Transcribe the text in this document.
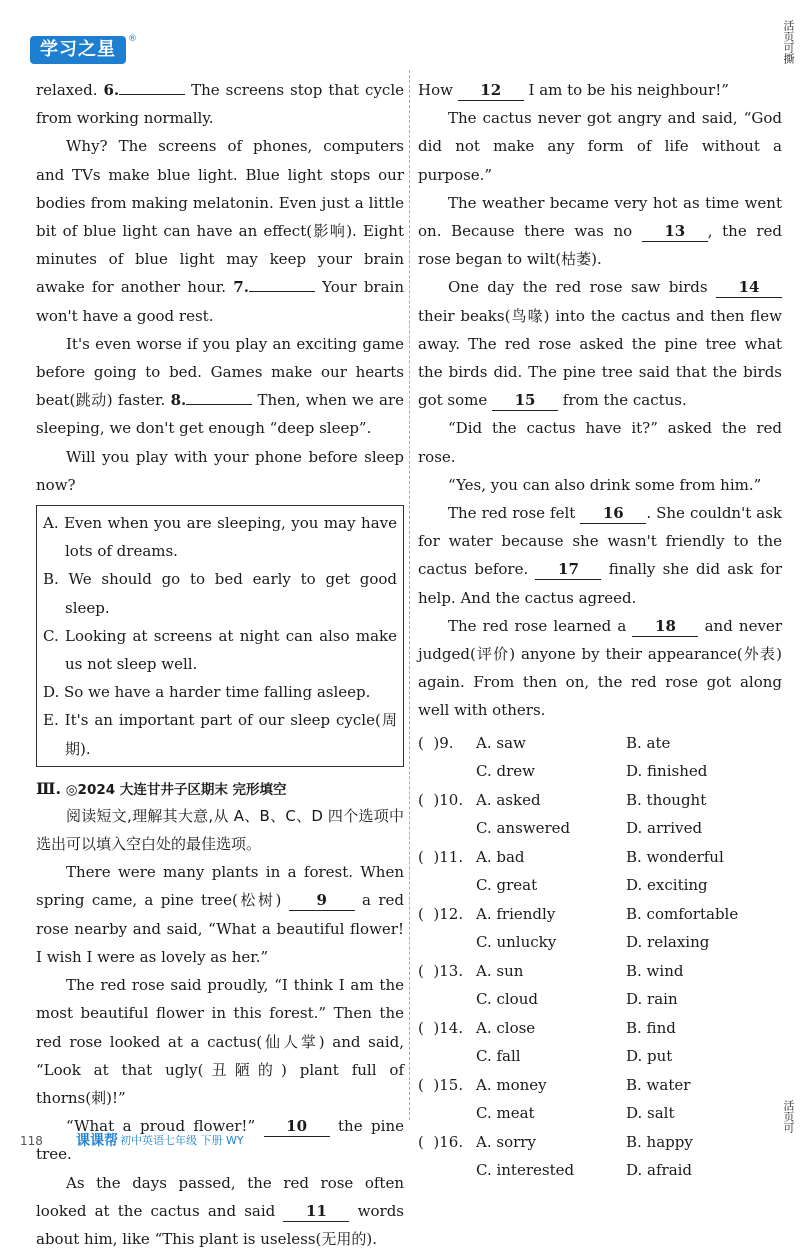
学习之星	®	活页可撕
活页可

relaxed. 6.	The screens stop that cycle from working normally.

Why? The screens of phones, computers and TVs make blue light. Blue light stops our bodies from making melatonin. Even just a little bit of blue light can have an effect(影响). Eight minutes of blue light may keep your brain awake for another hour. 7.	Your brain won't have a good rest.

It's even worse if you play an exciting game before going to bed. Games make our hearts beat(跳动) faster. 8.	Then, when we are sleeping, we don't get enough “deep sleep”.

Will you play with your phone before sleep now?

A. Even when you are sleeping, you may have lots of dreams.

B. We should go to bed early to get good sleep.

C. Looking at screens at night can also make us not sleep well.

D. So we have a harder time falling asleep.

E. It's an important part of our sleep cycle(周期).

Ⅲ. ◎2024 大连甘井子区期末 完形填空

阅读短文,理解其大意,从 A、B、C、D 四个选项中选出可以填入空白处的最佳选项。

There were many plants in a forest. When spring came, a pine tree(松树) 9 a red rose nearby and said, “What a beautiful flower! I wish I were as lovely as her.”

The red rose said proudly, “I think I am the most beautiful flower in this forest.” Then the red rose looked at a cactus(仙人掌) and said, “Look at that ugly(丑陋的) plant full of thorns(刺)!”

“What a proud flower!” 10 the pine tree.

As the days passed, the red rose often looked at the cactus and said 11 words about him, like “This plant is useless(无用的).

How 12 I am to be his neighbour!”

The cactus never got angry and said, “God did not make any form of life without a purpose.”

The weather became very hot as time went on. Because there was no 13 , the red rose began to wilt(枯萎).

One day the red rose saw birds 14 their beaks(鸟喙) into the cactus and then flew away. The red rose asked the pine tree what the birds did. The pine tree said that the birds got some 15 from the cactus.

“Did the cactus have it?” asked the red rose.

“Yes, you can also drink some from him.”

The red rose felt 16 . She couldn't ask for water because she wasn't friendly to the cactus before. 17 finally she did ask for help. And the cactus agreed.

The red rose learned a 18 and never judged(评价) anyone by their appearance(外表) again. From then on, the red rose got along well with others.

(  )9.	A. saw	B. ate
C. drew	D. finished
(  )10. A. asked	B. thought
C. answered	D. arrived
(  )11. A. bad	B. wonderful
C. great	D. exciting
(  )12. A. friendly	B. comfortable
C. unlucky	D. relaxing
(  )13. A. sun	B. wind
C. cloud	D. rain
(  )14. A. close	B. find
C. fall	D. put
(  )15. A. money	B. water
C. meat	D. salt
(  )16. A. sorry	B. happy
C. interested	D. afraid
118 课课帮 初中英语七年级 下册 WY
